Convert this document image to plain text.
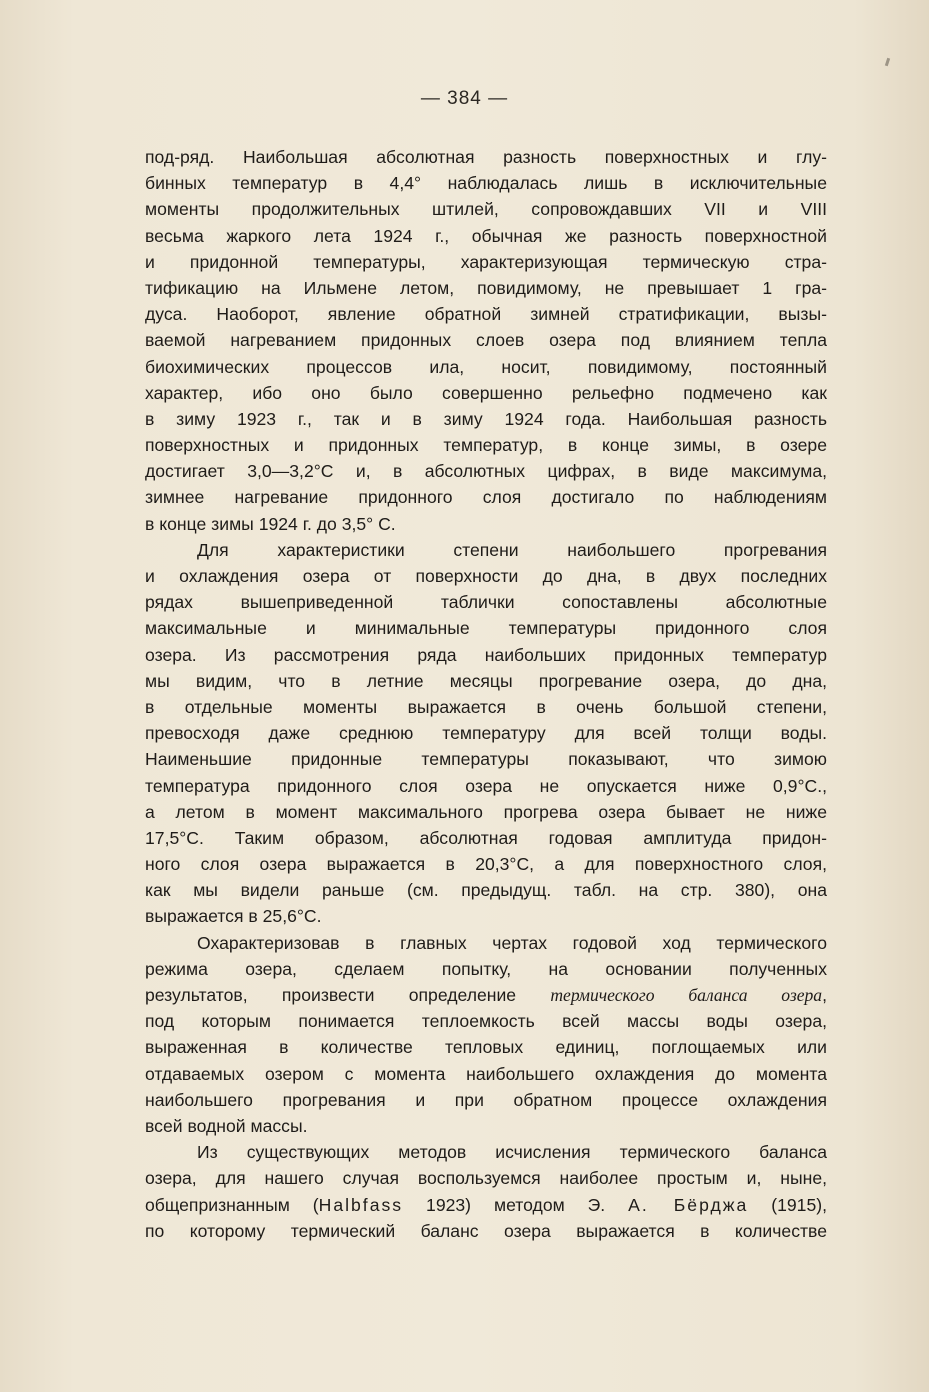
— 384 —
под-ряд. Наибольшая абсолютная разность поверхностных и глу-
бинных температур в 4,4° наблюдалась лишь в исключительные
моменты продолжительных штилей, сопровождавших VII и VIII
весьма жаркого лета 1924 г., обычная же разность поверхностной
и придонной температуры, характеризующая термическую стра-
тификацию на Ильмене летом, повидимому, не превышает 1 гра-
дуса. Наоборот, явление обратной зимней стратификации, вызы-
ваемой нагреванием придонных слоев озера под влиянием тепла
биохимических процессов ила, носит, повидимому, постоянный
характер, ибо оно было совершенно рельефно подмечено как
в зиму 1923 г., так и в зиму 1924 года. Наибольшая разность
поверхностных и придонных температур, в конце зимы, в озере
достигает 3,0—3,2°С и, в абсолютных цифрах, в виде максимума,
зимнее нагревание придонного слоя достигало по наблюдениям
в конце зимы 1924 г. до 3,5° С.
Для характеристики степени наибольшего прогревания
и охлаждения озера от поверхности до дна, в двух последних
рядах вышеприведенной таблички сопоставлены абсолютные
максимальные и минимальные температуры придонного слоя
озера. Из рассмотрения ряда наибольших придонных температур
мы видим, что в летние месяцы прогревание озера, до дна,
в отдельные моменты выражается в очень большой степени,
превосходя даже среднюю температуру для всей толщи воды.
Наименьшие придонные температуры показывают, что зимою
температура придонного слоя озера не опускается ниже 0,9°С.,
а летом в момент максимального прогрева озера бывает не ниже
17,5°С. Таким образом, абсолютная годовая амплитуда придон-
ного слоя озера выражается в 20,3°С, а для поверхностного слоя,
как мы видели раньше (см. предыдущ. табл. на стр. 380), она
выражается в 25,6°С.
Охарактеризовав в главных чертах годовой ход термического
режима озера, сделаем попытку, на основании полученных
результатов, произвести определение термического баланса озера,
под которым понимается теплоемкость всей массы воды озера,
выраженная в количестве тепловых единиц, поглощаемых или
отдаваемых озером с момента наибольшего охлаждения до момента
наибольшего прогревания и при обратном процессе охлаждения
всей водной массы.
Из существующих методов исчисления термического баланса
озера, для нашего случая воспользуемся наиболее простым и, ныне,
общепризнанным (Halbfass 1923) методом Э. А. Бёрджа (1915),
по которому термический баланс озера выражается в количестве
